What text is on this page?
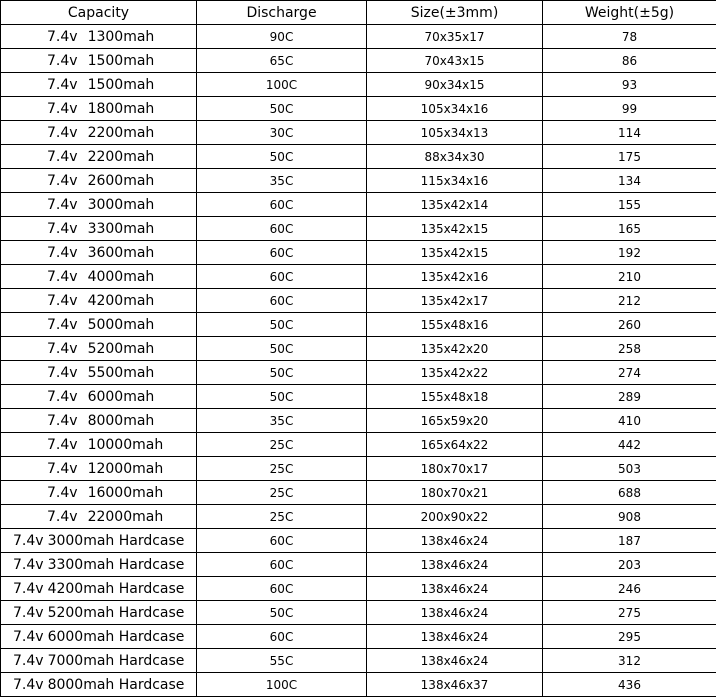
Capacity	Discharge	Size(±3mm)	Weight(±5g)
7.4v 1300mah	90C	70x35x17	78
7.4v 1500mah	65C	70x43x15	86
7.4v 1500mah	100C	90x34x15	93
7.4v 1800mah	50C	105x34x16	99
7.4v 2200mah	30C	105x34x13	114
7.4v 2200mah	50C	88x34x30	175
7.4v 2600mah	35C	115x34x16	134
7.4v 3000mah	60C	135x42x14	155
7.4v 3300mah	60C	135x42x15	165
7.4v 3600mah	60C	135x42x15	192
7.4v 4000mah	60C	135x42x16	210
7.4v 4200mah	60C	135x42x17	212
7.4v 5000mah	50C	155x48x16	260
7.4v 5200mah	50C	135x42x20	258
7.4v 5500mah	50C	135x42x22	274
7.4v 6000mah	50C	155x48x18	289
7.4v 8000mah	35C	165x59x20	410
7.4v 10000mah	25C	165x64x22	442
7.4v 12000mah	25C	180x70x17	503
7.4v 16000mah	25C	180x70x21	688
7.4v 22000mah	25C	200x90x22	908
7.4v 3000mah Hardcase	60C	138x46x24	187
7.4v 3300mah Hardcase	60C	138x46x24	203
7.4v 4200mah Hardcase	60C	138x46x24	246
7.4v 5200mah Hardcase	50C	138x46x24	275
7.4v 6000mah Hardcase	60C	138x46x24	295
7.4v 7000mah Hardcase	55C	138x46x24	312
7.4v 8000mah Hardcase	100C	138x46x37	436
